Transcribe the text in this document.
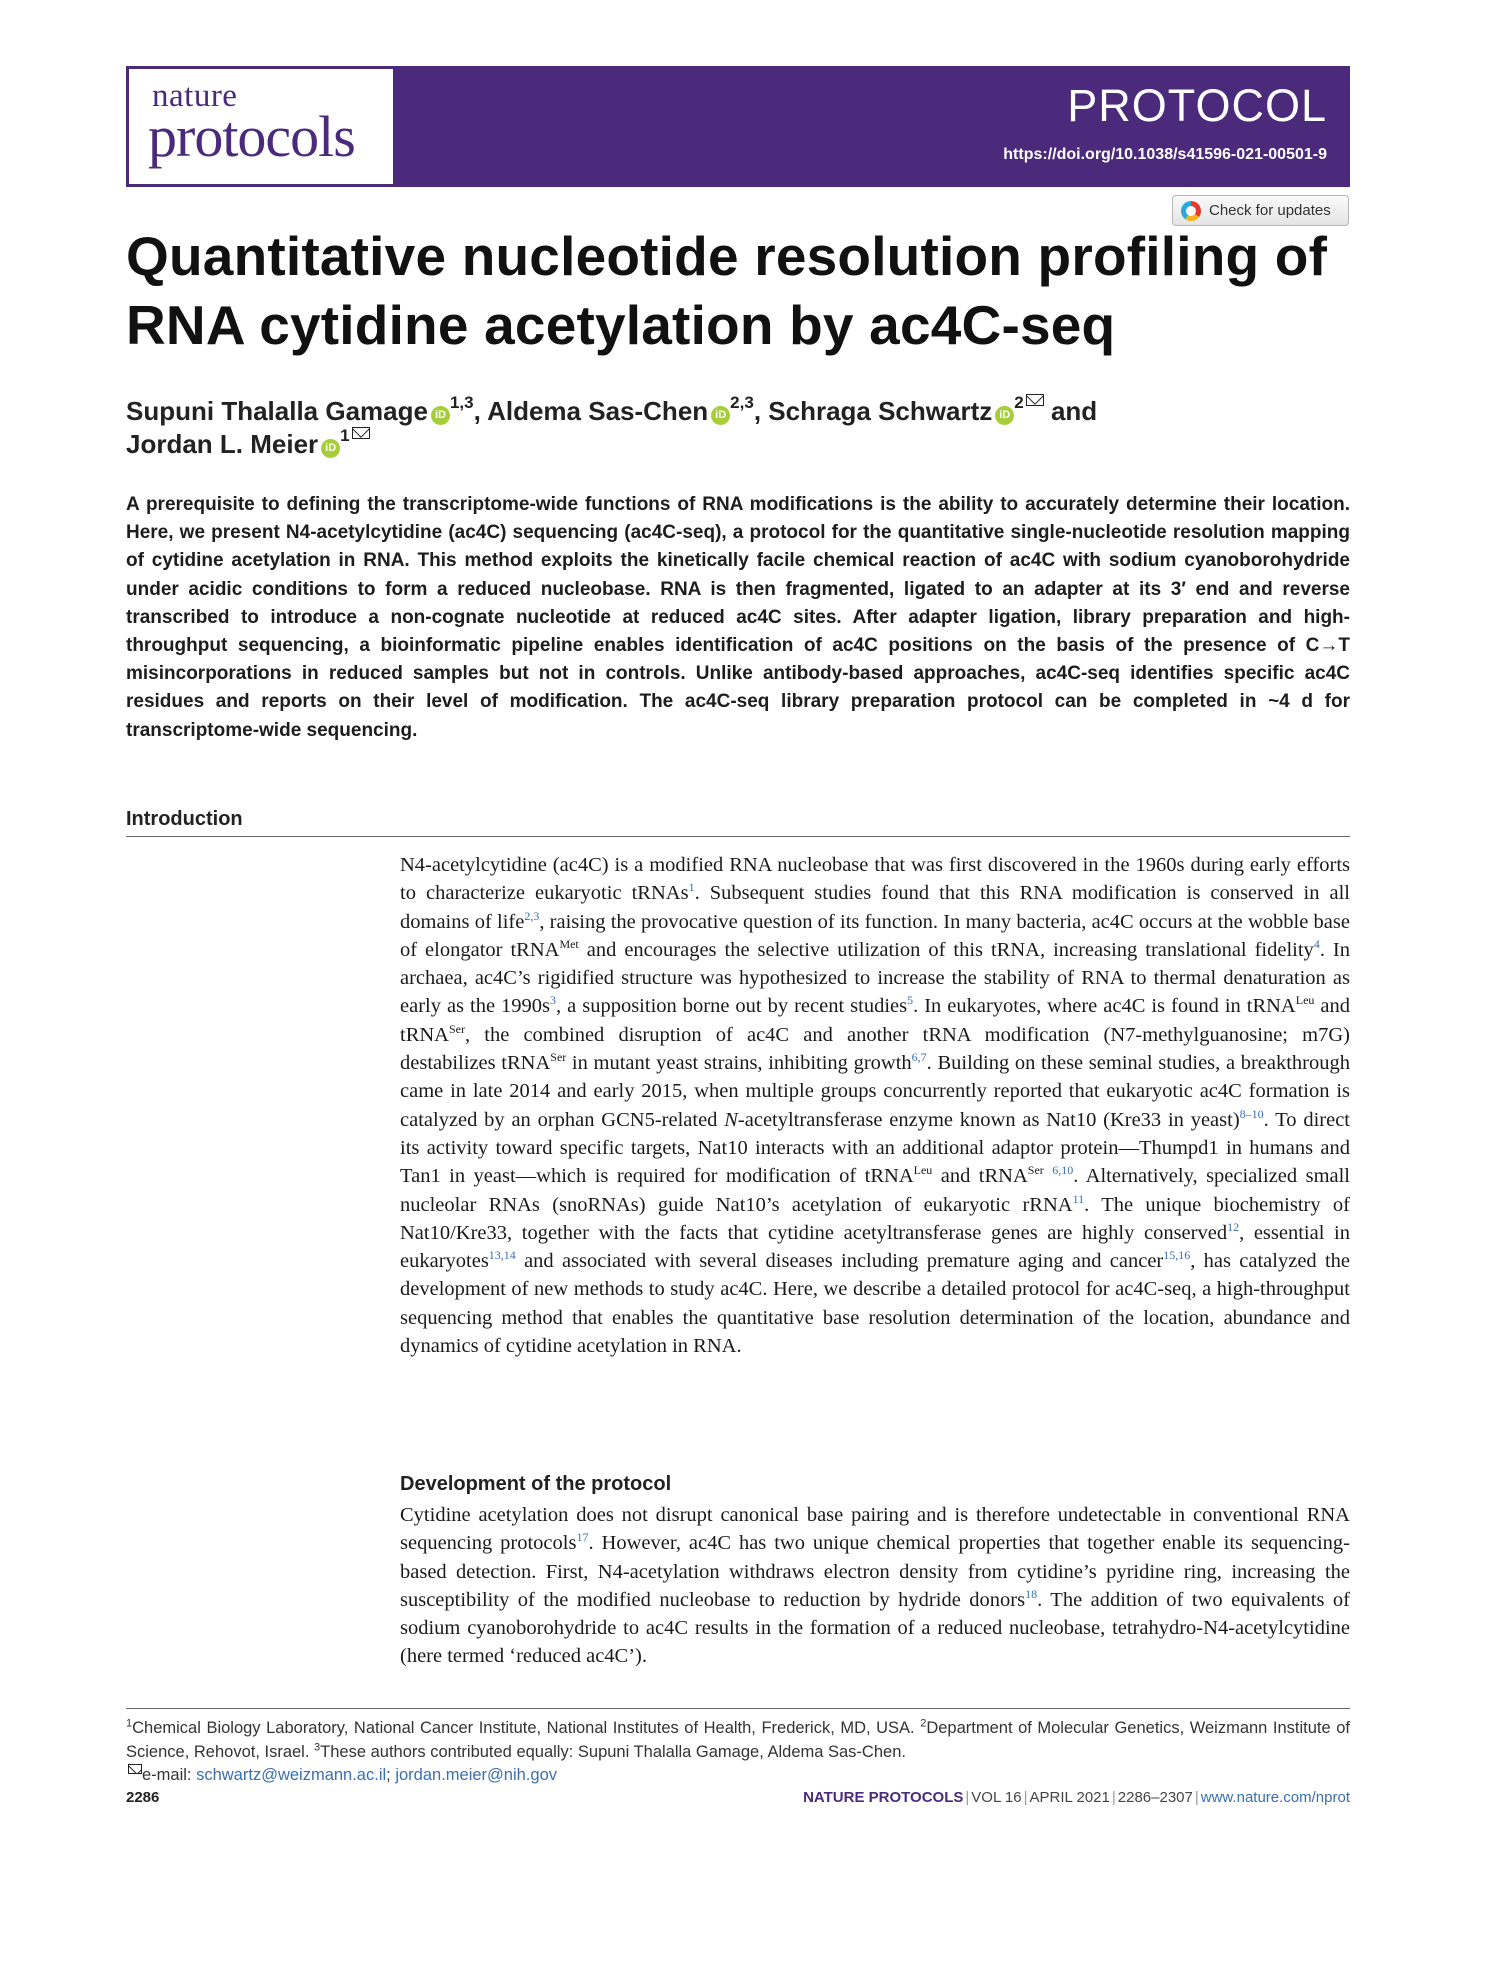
nature
protocols	PROTOCOL
https://doi.org/10.1038/s41596-021-00501-9
Check for updates
Quantitative nucleotide resolution profiling of RNA cytidine acetylation by ac4C-seq
Supuni Thalalla Gamage iD$^{1,3}$, Aldema Sas-Chen iD$^{2,3}$, Schraga Schwartz iD$^2$ and
Jordan L. Meier iD$^1$
A prerequisite to defining the transcriptome-wide functions of RNA modifications is the ability to accurately determine their location. Here, we present N4-acetylcytidine (ac4C) sequencing (ac4C-seq), a protocol for the quantitative single-nucleotide resolution mapping of cytidine acetylation in RNA. This method exploits the kinetically facile chemical reaction of ac4C with sodium cyanoborohydride under acidic conditions to form a reduced nucleobase. RNA is then fragmented, ligated to an adapter at its 3′ end and reverse transcribed to introduce a non-cognate nucleotide at reduced ac4C sites. After adapter ligation, library preparation and high-throughput sequencing, a bioinformatic pipeline enables identification of ac4C positions on the basis of the presence of C→T misincorporations in reduced samples but not in controls. Unlike antibody-based approaches, ac4C-seq identifies specific ac4C residues and reports on their level of modification. The ac4C-seq library preparation protocol can be completed in ~4 d for transcriptome-wide sequencing.
Introduction
N4-acetylcytidine (ac4C) is a modified RNA nucleobase that was first discovered in the 1960s during early efforts to characterize eukaryotic tRNAs$^1$. Subsequent studies found that this RNA modification is conserved in all domains of life$^{2,3}$, raising the provocative question of its function. In many bacteria, ac4C occurs at the wobble base of elongator tRNA$^{Met}$ and encourages the selective utilization of this tRNA, increasing translational fidelity$^4$. In archaea, ac4C’s rigidified structure was hypothesized to increase the stability of RNA to thermal denaturation as early as the 1990s$^3$, a supposition borne out by recent studies$^5$. In eukaryotes, where ac4C is found in tRNA$^{Leu}$ and tRNA$^{Ser}$, the combined disruption of ac4C and another tRNA modification (N7-methylguanosine; m7G) destabilizes tRNA$^{Ser}$ in mutant yeast strains, inhibiting growth$^{6,7}$. Building on these seminal studies, a breakthrough came in late 2014 and early 2015, when multiple groups concurrently reported that eukaryotic ac4C formation is catalyzed by an orphan GCN5-related N-acetyltransferase enzyme known as Nat10 (Kre33 in yeast)$^{8-10}$. To direct its activity toward specific targets, Nat10 interacts with an additional adaptor protein—Thumpd1 in humans and Tan1 in yeast—which is required for modification of tRNA$^{Leu}$ and tRNA$^{Ser}$ $^{6,10}$. Alternatively, specialized small nucleolar RNAs (snoRNAs) guide Nat10’s acetylation of eukaryotic rRNA$^{11}$. The unique biochemistry of Nat10/Kre33, together with the facts that cytidine acetyltransferase genes are highly conserved$^{12}$, essential in eukaryotes$^{13,14}$ and associated with several diseases including premature aging and cancer$^{15,16}$, has catalyzed the development of new methods to study ac4C. Here, we describe a detailed protocol for ac4C-seq, a high-throughput sequencing method that enables the quantitative base resolution determination of the location, abundance and dynamics of cytidine acetylation in RNA.
Development of the protocol
Cytidine acetylation does not disrupt canonical base pairing and is therefore undetectable in conventional RNA sequencing protocols$^{17}$. However, ac4C has two unique chemical properties that together enable its sequencing-based detection. First, N4-acetylation withdraws electron density from cytidine’s pyridine ring, increasing the susceptibility of the modified nucleobase to reduction by hydride donors$^{18}$. The addition of two equivalents of sodium cyanoborohydride to ac4C results in the formation of a reduced nucleobase, tetrahydro-N4-acetylcytidine (here termed ‘reduced ac4C’).
$^1$Chemical Biology Laboratory, National Cancer Institute, National Institutes of Health, Frederick, MD, USA. $^2$Department of Molecular Genetics, Weizmann Institute of Science, Rehovot, Israel. $^3$These authors contributed equally: Supuni Thalalla Gamage, Aldema Sas-Chen.
e-mail: schwartz@weizmann.ac.il; jordan.meier@nih.gov
2286	NATURE PROTOCOLS | VOL 16 | APRIL 2021 | 2286–2307 | www.nature.com/nprot
